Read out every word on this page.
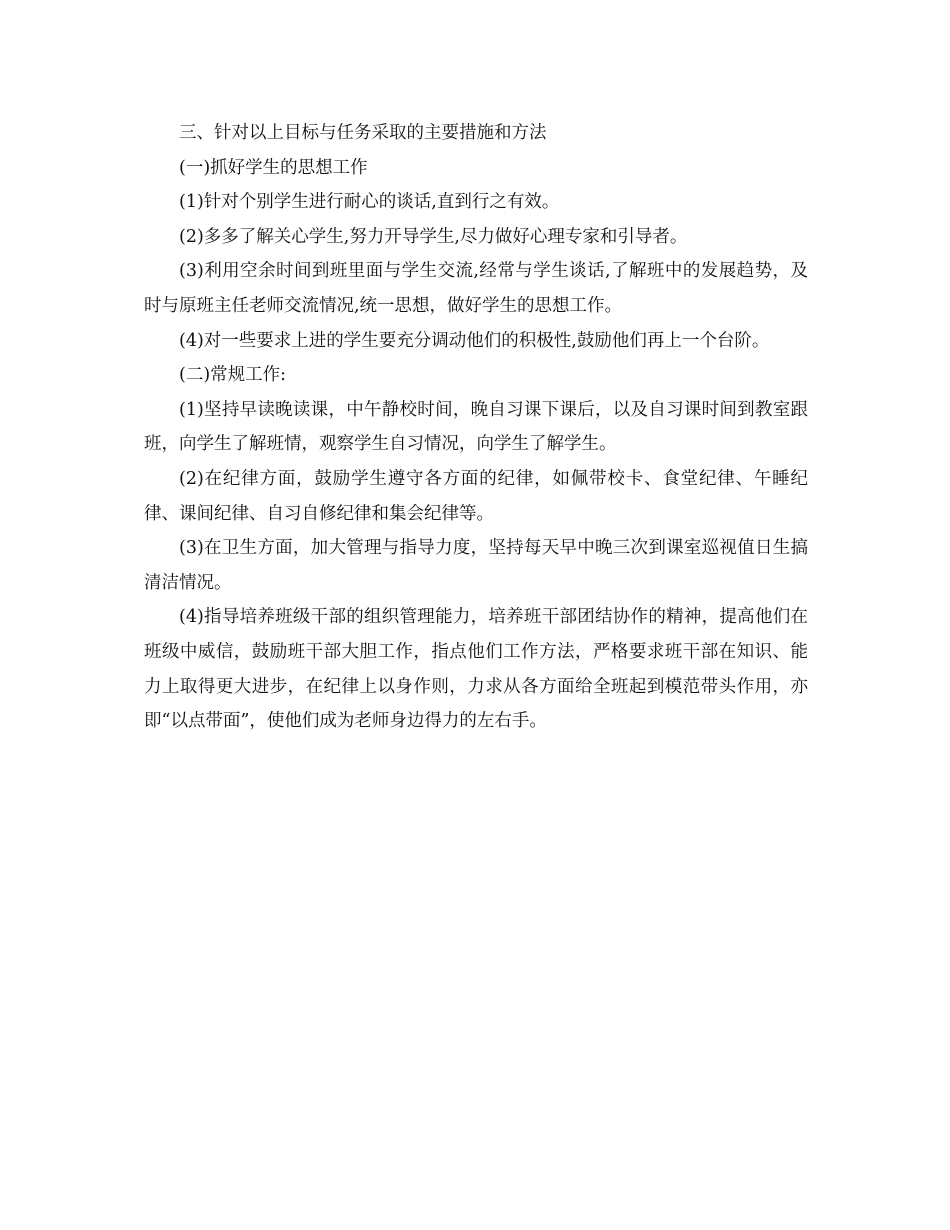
三、针对以上目标与任务采取的主要措施和方法

(一)抓好学生的思想工作

(1)针对个别学生进行耐心的谈话,直到行之有效。

(2)多多了解关心学生,努力开导学生,尽力做好心理专家和引导者。

(3)利用空余时间到班里面与学生交流,经常与学生谈话,了解班中的发展趋势，及时与原班主任老师交流情况,统一思想，做好学生的思想工作。

(4)对一些要求上进的学生要充分调动他们的积极性,鼓励他们再上一个台阶。

(二)常规工作:

(1)坚持早读晚读课，中午静校时间，晚自习课下课后，以及自习课时间到教室跟班，向学生了解班情，观察学生自习情况，向学生了解学生。

(2)在纪律方面，鼓励学生遵守各方面的纪律，如佩带校卡、食堂纪律、午睡纪律、课间纪律、自习自修纪律和集会纪律等。

(3)在卫生方面，加大管理与指导力度，坚持每天早中晚三次到课室巡视值日生搞清洁情况。

(4)指导培养班级干部的组织管理能力，培养班干部团结协作的精神，提高他们在班级中威信，鼓励班干部大胆工作，指点他们工作方法，严格要求班干部在知识、能力上取得更大进步，在纪律上以身作则，力求从各方面给全班起到模范带头作用，亦即“以点带面”，使他们成为老师身边得力的左右手。
